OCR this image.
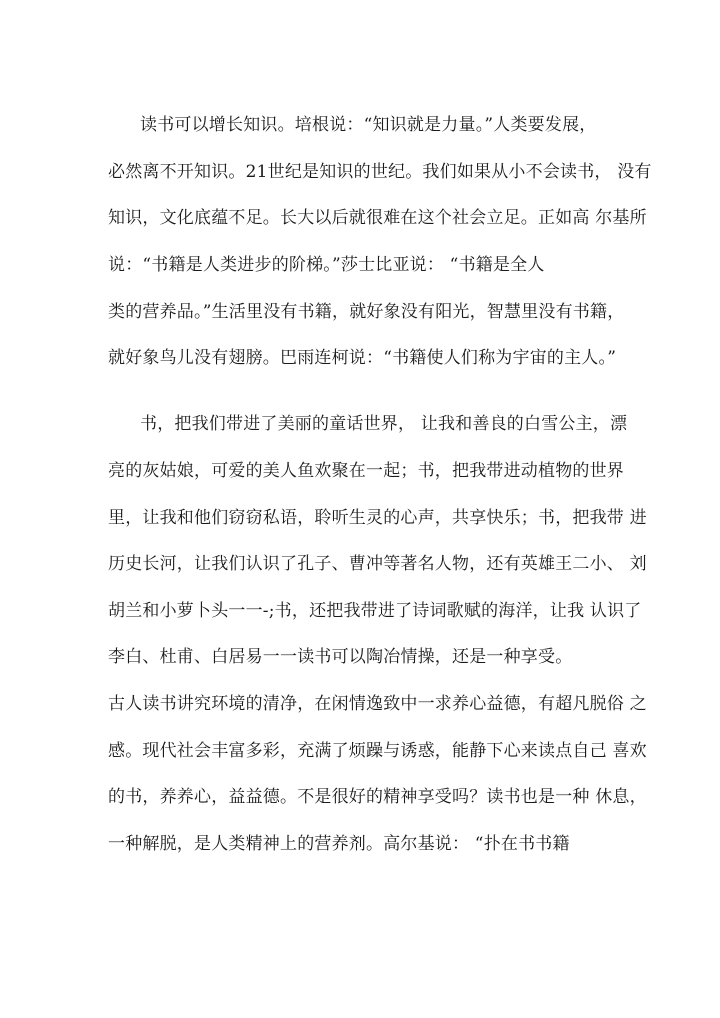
读书可以增长知识。培根说：“知识就是力量。”人类要发展，
必然离不开知识。21世纪是知识的世纪。我们如果从小不会读书， 没有
知识，文化底蕴不足。长大以后就很难在这个社会立足。正如高 尔基所
说：“书籍是人类进步的阶梯。”莎士比亚说： “书籍是全人
类的营养品。”生活里没有书籍，就好象没有阳光，智慧里没有书籍，
就好象鸟儿没有翅膀。巴雨连柯说：“书籍使人们称为宇宙的主人。”
书，把我们带进了美丽的童话世界， 让我和善良的白雪公主，漂
亮的灰姑娘，可爱的美人鱼欢聚在一起；书，把我带进动植物的世界
里，让我和他们窃窃私语，聆听生灵的心声，共享快乐；书，把我带 进
历史长河，让我们认识了孔子、曹冲等著名人物，还有英雄王二小、 刘
胡兰和小萝卜头一一-;书，还把我带进了诗词歌赋的海洋，让我 认识了
李白、杜甫、白居易一一读书可以陶冶情操，还是一种享受。
古人读书讲究环境的清净，在闲情逸致中一求养心益德，有超凡脱俗 之
感。现代社会丰富多彩，充满了烦躁与诱惑，能静下心来读点自己 喜欢
的书，养养心，益益德。不是很好的精神享受吗？读书也是一种 休息，
一种解脱，是人类精神上的营养剂。高尔基说： “扑在书书籍
